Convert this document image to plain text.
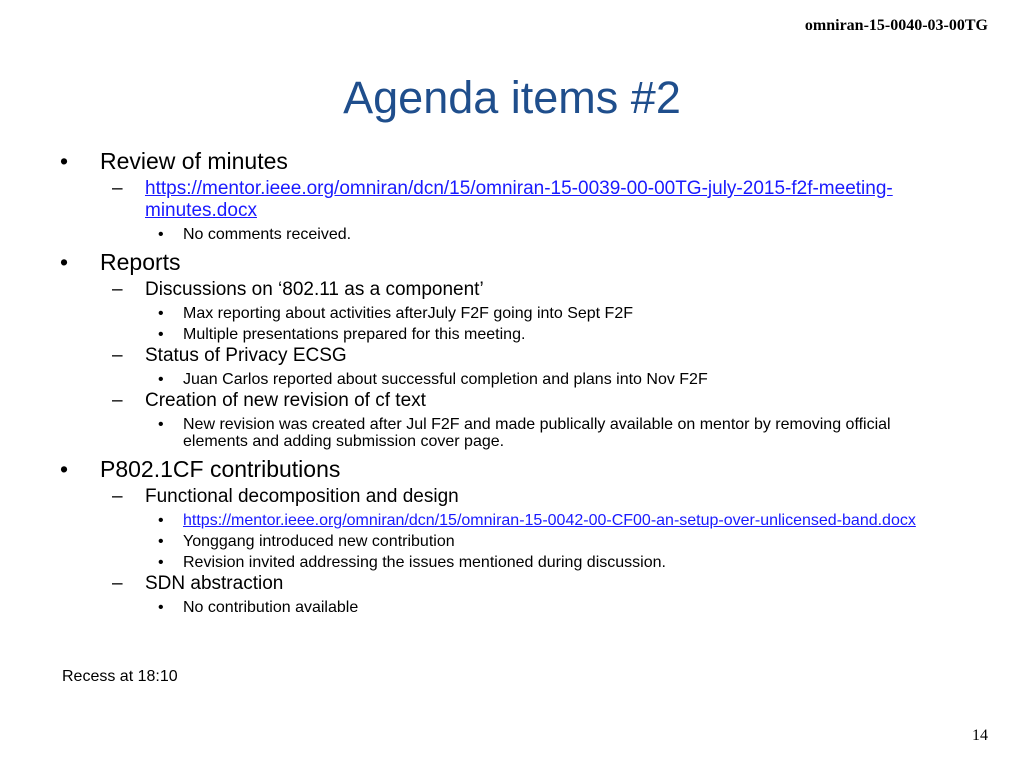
omniran-15-0040-03-00TG
Agenda items #2
• Review of minutes
– https://mentor.ieee.org/omniran/dcn/15/omniran-15-0039-00-00TG-july-2015-f2f-meeting-minutes.docx
• No comments received.
• Reports
– Discussions on ‘802.11 as a component’
• Max reporting about activities afterJuly F2F going into Sept F2F
• Multiple presentations prepared for this meeting.
– Status of Privacy ECSG
• Juan Carlos reported about successful completion and plans into Nov F2F
– Creation of new revision of cf text
• New revision was created after Jul F2F and made publically available on mentor by removing official elements and adding submission cover page.
• P802.1CF contributions
– Functional decomposition and design
• https://mentor.ieee.org/omniran/dcn/15/omniran-15-0042-00-CF00-an-setup-over-unlicensed-band.docx
• Yonggang introduced new contribution
• Revision invited addressing the issues mentioned during discussion.
– SDN abstraction
• No contribution available
Recess at 18:10
14
